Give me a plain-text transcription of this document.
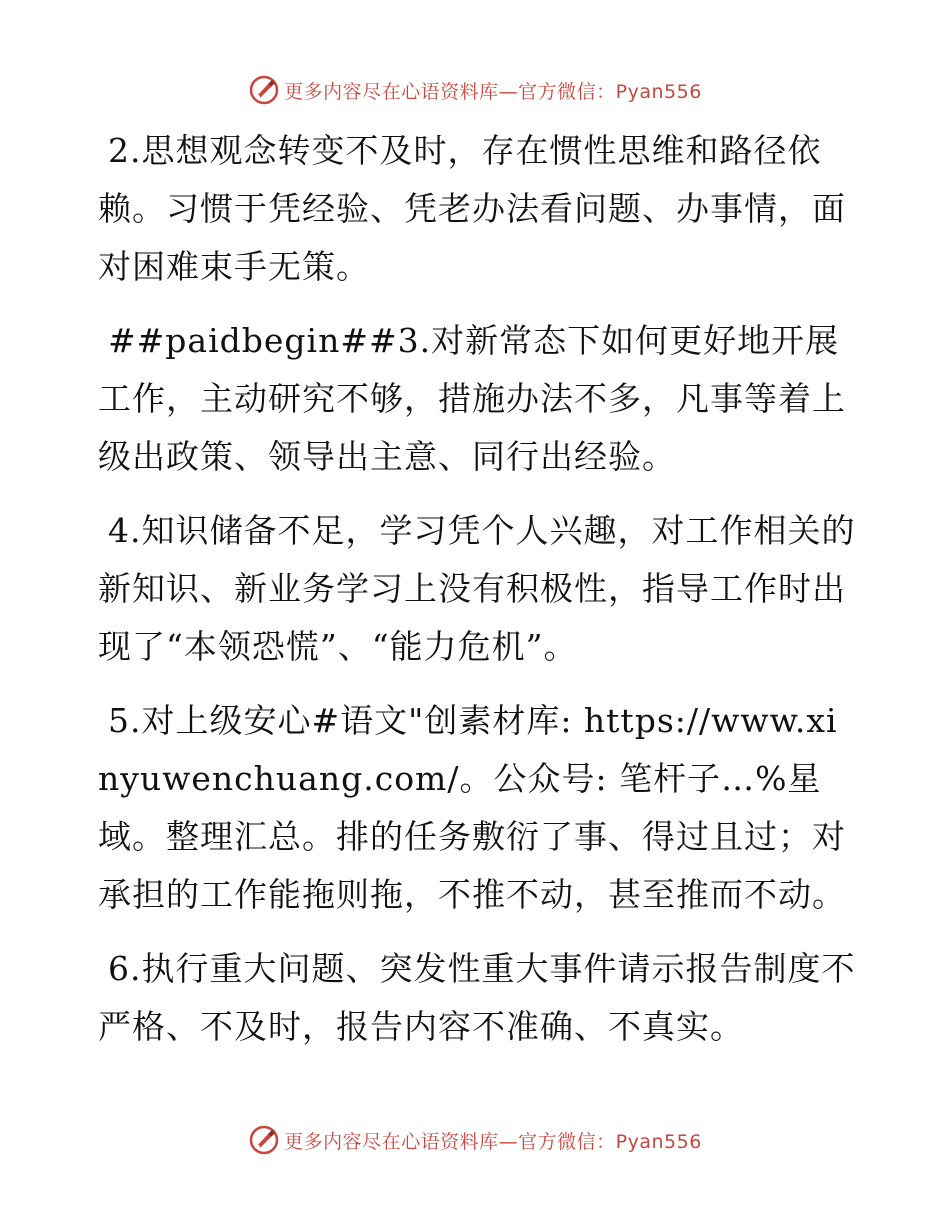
更多内容尽在心语资料库—官方微信：Pyan556

2.思想观念转变不及时，存在惯性思维和路径依赖。习惯于凭经验、凭老办法看问题、办事情，面对困难束手无策。

##paidbegin##3.对新常态下如何更好地开展工作，主动研究不够，措施办法不多，凡事等着上级出政策、领导出主意、同行出经验。

4.知识储备不足，学习凭个人兴趣，对工作相关的新知识、新业务学习上没有积极性，指导工作时出现了“本领恐慌”、“能力危机”。

5.对上级安心#语文"创素材库: https://www.xinyuwenchuang.com/。公众号: 笔杆子…%星域。整理汇总。排的任务敷衍了事、得过且过；对承担的工作能拖则拖，不推不动，甚至推而不动。

6.执行重大问题、突发性重大事件请示报告制度不严格、不及时，报告内容不准确、不真实。

更多内容尽在心语资料库—官方微信：Pyan556
